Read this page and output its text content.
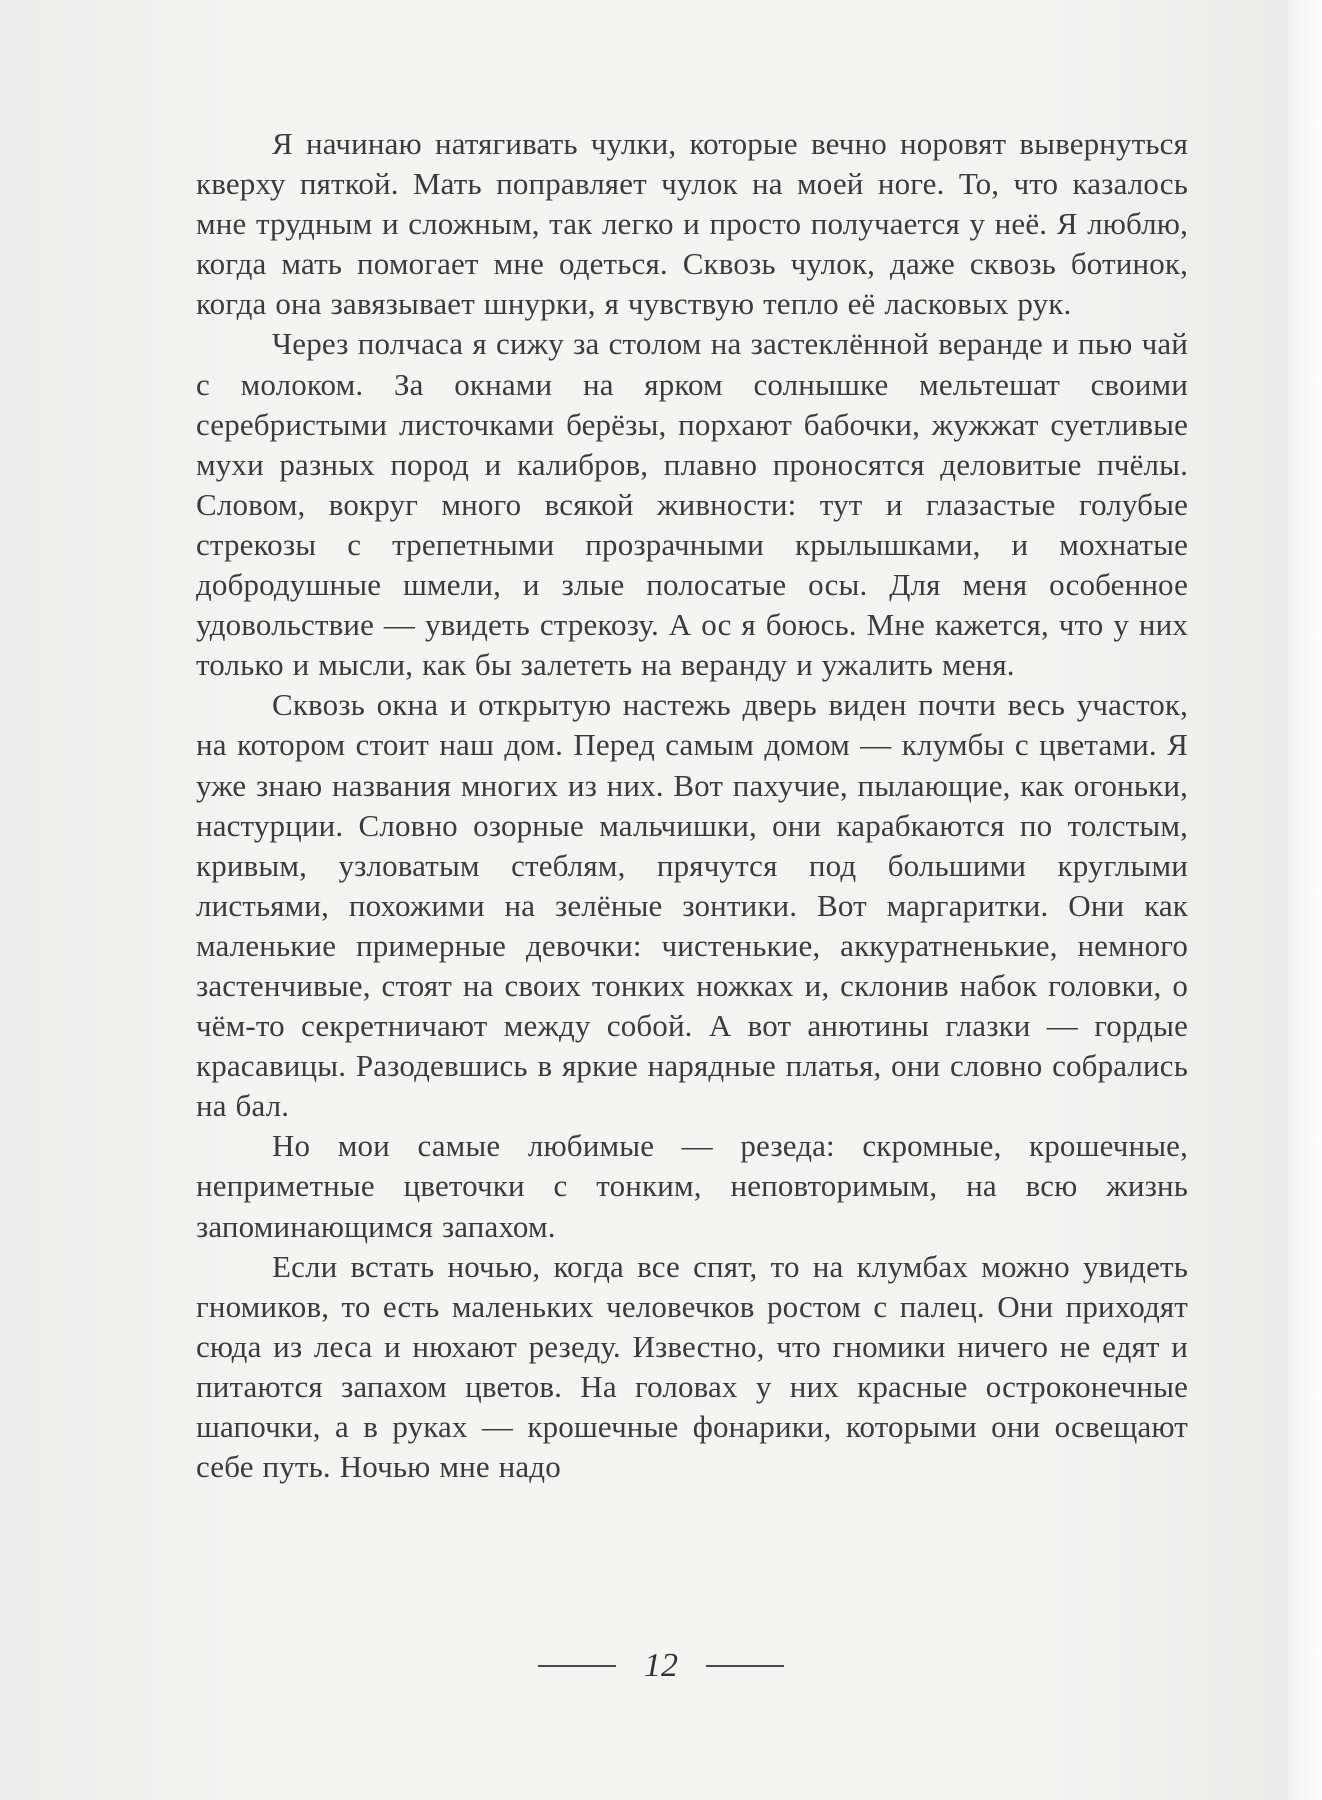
Я начинаю натягивать чулки, которые вечно норовят вывернуться кверху пяткой. Мать поправляет чулок на моей ноге. То, что казалось мне трудным и сложным, так легко и просто получается у неё. Я люблю, когда мать помогает мне одеться. Сквозь чулок, даже сквозь ботинок, когда она завязывает шнурки, я чувствую тепло её ласковых рук.

Через полчаса я сижу за столом на застеклённой веранде и пью чай с молоком. За окнами на ярком солнышке мельтешат своими серебристыми листочками берёзы, порхают бабочки, жужжат суетливые мухи разных пород и калибров, плавно проносятся деловитые пчёлы. Словом, вокруг много всякой живности: тут и глазастые голубые стрекозы с трепетными прозрачными крылышками, и мохнатые добродушные шмели, и злые полосатые осы. Для меня особенное удовольствие — увидеть стрекозу. А ос я боюсь. Мне кажется, что у них только и мысли, как бы залететь на веранду и ужалить меня.

Сквозь окна и открытую настежь дверь виден почти весь участок, на котором стоит наш дом. Перед самым домом — клумбы с цветами. Я уже знаю названия многих из них. Вот пахучие, пылающие, как огоньки, настурции. Словно озорные мальчишки, они карабкаются по толстым, кривым, узловатым стеблям, прячутся под большими круглыми листьями, похожими на зелёные зонтики. Вот маргаритки. Они как маленькие примерные девочки: чистенькие, аккуратненькие, немного застенчивые, стоят на своих тонких ножках и, склонив набок головки, о чём-то секретничают между собой. А вот анютины глазки — гордые красавицы. Разодевшись в яркие нарядные платья, они словно собрались на бал.

Но мои самые любимые — резеда: скромные, крошечные, неприметные цветочки с тонким, неповторимым, на всю жизнь запоминающимся запахом.

Если встать ночью, когда все спят, то на клумбах можно увидеть гномиков, то есть маленьких человечков ростом с палец. Они приходят сюда из леса и нюхают резеду. Известно, что гномики ничего не едят и питаются запахом цветов. На головах у них красные остроконечные шапочки, а в руках — крошечные фонарики, которыми они освещают себе путь. Ночью мне надо

12
